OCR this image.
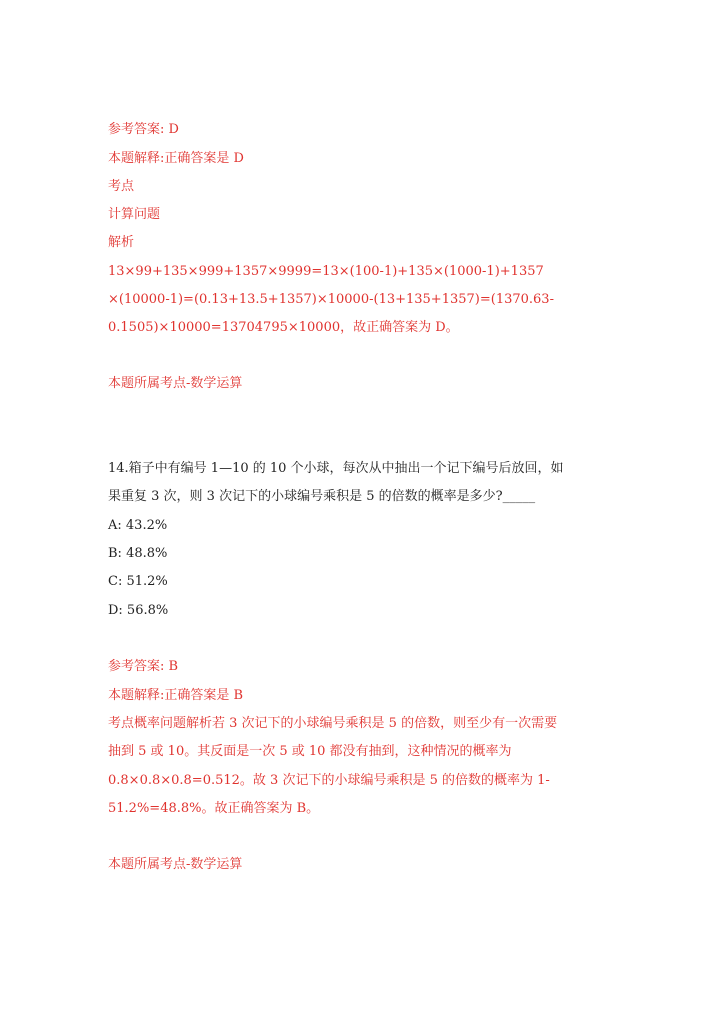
参考答案: D
本题解释:正确答案是 D
考点
计算问题
解析
13×99+135×999+1357×9999=13×(100-1)+135×(1000-1)+1357
×(10000-1)=(0.13+13.5+1357)×10000-(13+135+1357)=(1370.63-
0.1505)×10000=13704795×10000，故正确答案为 D。
本题所属考点-数学运算
14.箱子中有编号 1—10 的 10 个小球，每次从中抽出一个记下编号后放回，如
果重复 3 次，则 3 次记下的小球编号乘积是 5 的倍数的概率是多少?_____
A: 43.2%
B: 48.8%
C: 51.2%
D: 56.8%
参考答案: B
本题解释:正确答案是 B
考点概率问题解析若 3 次记下的小球编号乘积是 5 的倍数，则至少有一次需要
抽到 5 或 10。其反面是一次 5 或 10 都没有抽到，这种情况的概率为
0.8×0.8×0.8=0.512。故 3 次记下的小球编号乘积是 5 的倍数的概率为 1-
51.2%=48.8%。故正确答案为 B。
本题所属考点-数学运算
